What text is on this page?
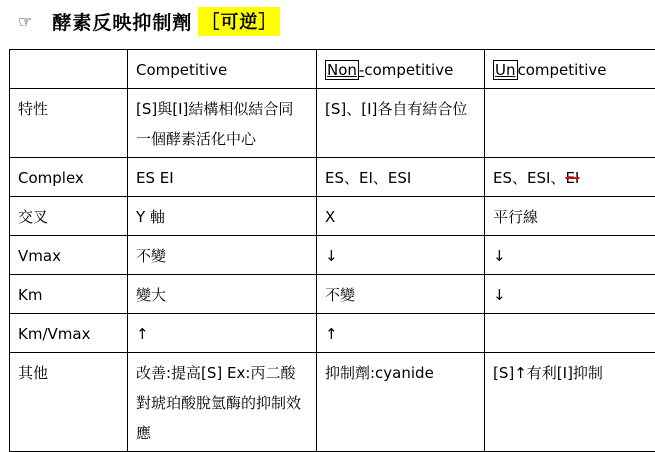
☞ 酵素反映抑制劑 ［可逆］
	Competitive	Non -competitive	Un competitive
特性	[S]與[I]結構相似結合同一個酵素活化中心	[S]、[I]各自有結合位	
Complex	ES EI	ES、EI、ESI	ES、ESI、EI
交叉	Y 軸	X	平行線
Vmax	不變	↓	↓
Km	變大	不變	↓
Km/Vmax	↑	↑	
其他	改善:提高[S] Ex:丙二酸對琥珀酸脫氫酶的抑制效應	抑制劑:cyanide	[S]↑有利[I]抑制
